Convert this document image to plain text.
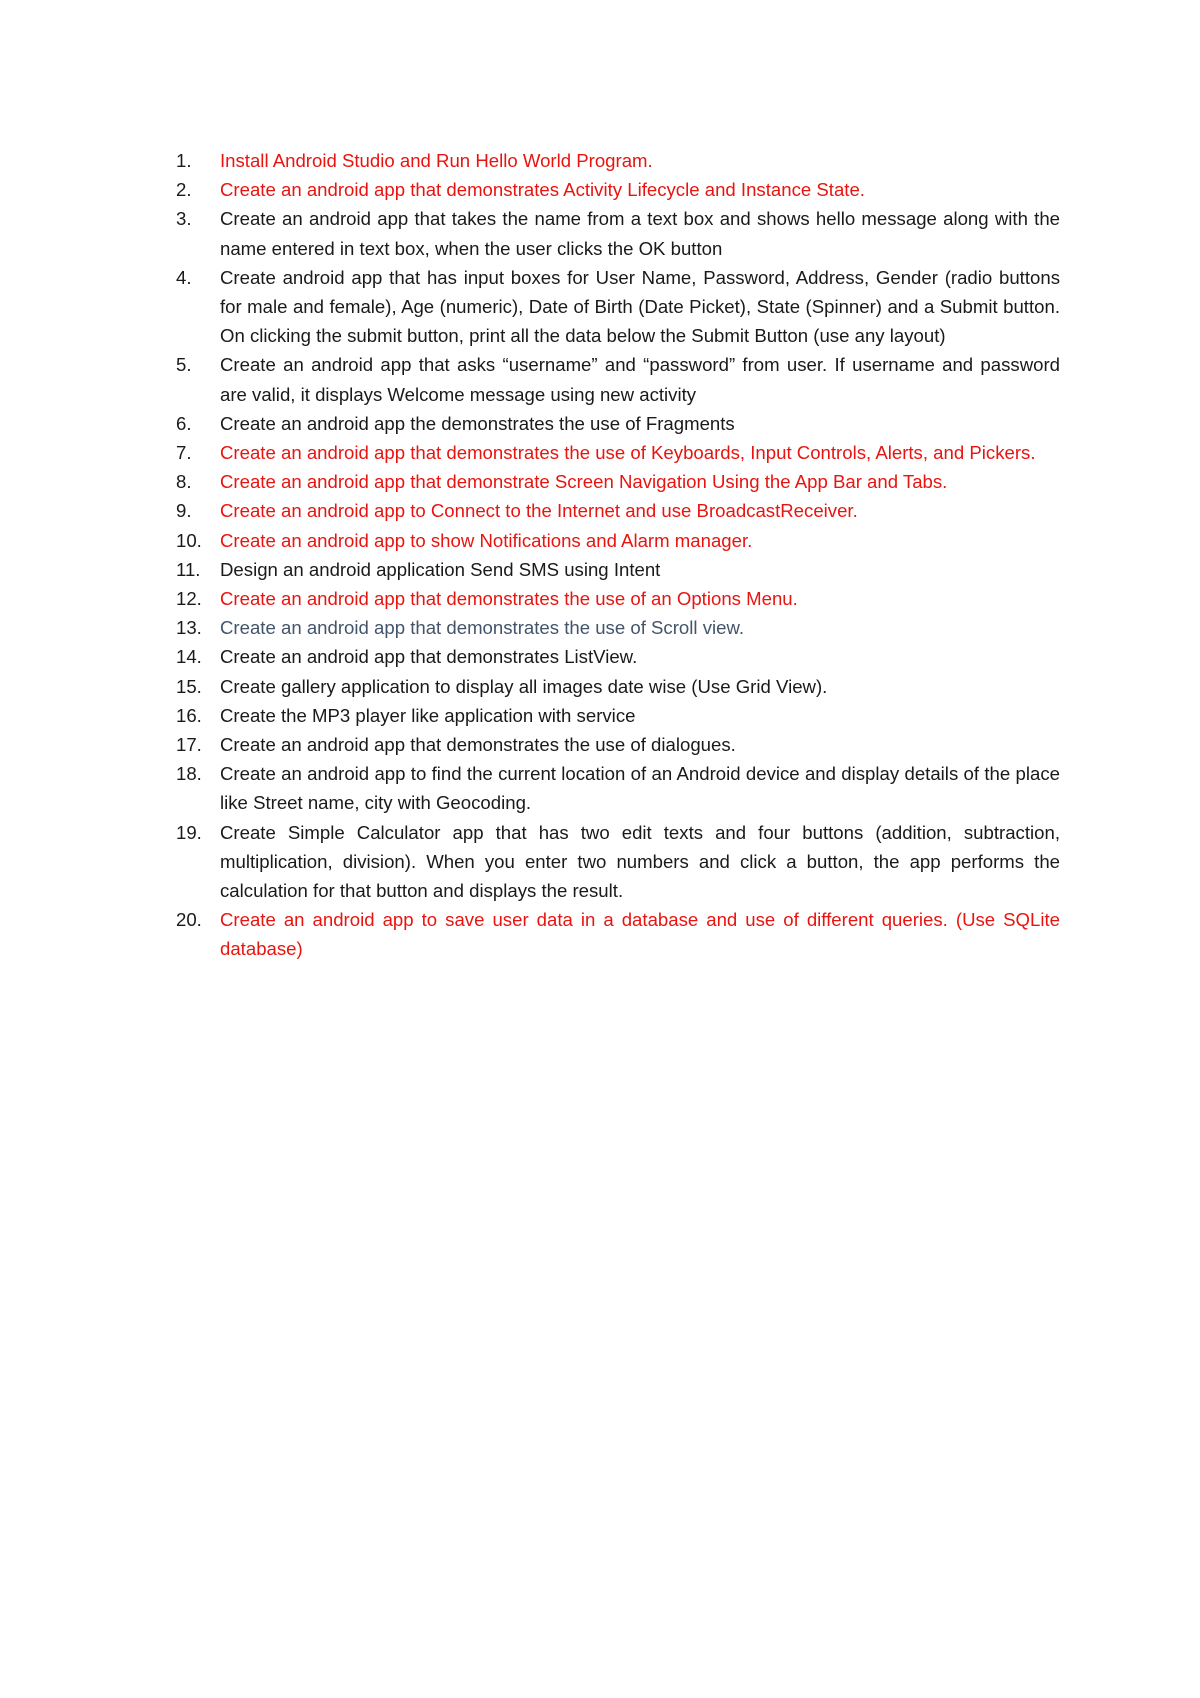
1.	Install Android Studio and Run Hello World Program.
2.	Create an android app that demonstrates Activity Lifecycle and Instance State.
3.	Create an android app that takes the name from a text box and shows hello message along with the name entered in text box, when the user clicks the OK button
4.	Create android app that has input boxes for User Name, Password, Address, Gender (radio buttons for male and female), Age (numeric), Date of Birth (Date Picket), State (Spinner) and a Submit button. On clicking the submit button, print all the data below the Submit Button (use any layout)
5.	Create an android app that asks “username” and “password” from user. If username and password are valid, it displays Welcome message using new activity
6.	Create an android app the demonstrates the use of Fragments
7.	Create an android app that demonstrates the use of Keyboards, Input Controls, Alerts, and Pickers.
8.	Create an android app that demonstrate Screen Navigation Using the App Bar and Tabs.
9.	Create an android app to Connect to the Internet and use BroadcastReceiver.
10. Create an android app to show Notifications and Alarm manager.
11.	Design an android application Send SMS using Intent
12. Create an android app that demonstrates the use of an Options Menu.
13. Create an android app that demonstrates the use of Scroll view.
14. Create an android app that demonstrates ListView.
15. Create gallery application to display all images date wise (Use Grid View).
16. Create the MP3 player like application with service
17. Create an android app that demonstrates the use of dialogues.
18. Create an android app to find the current location of an Android device and display details of the place like Street name, city with Geocoding.
19. Create Simple Calculator app that has two edit texts and four buttons (addition, subtraction, multiplication, division). When you enter two numbers and click a button, the app performs the calculation for that button and displays the result.
20. Create an android app to save user data in a database and use of different queries. (Use SQLite database)
